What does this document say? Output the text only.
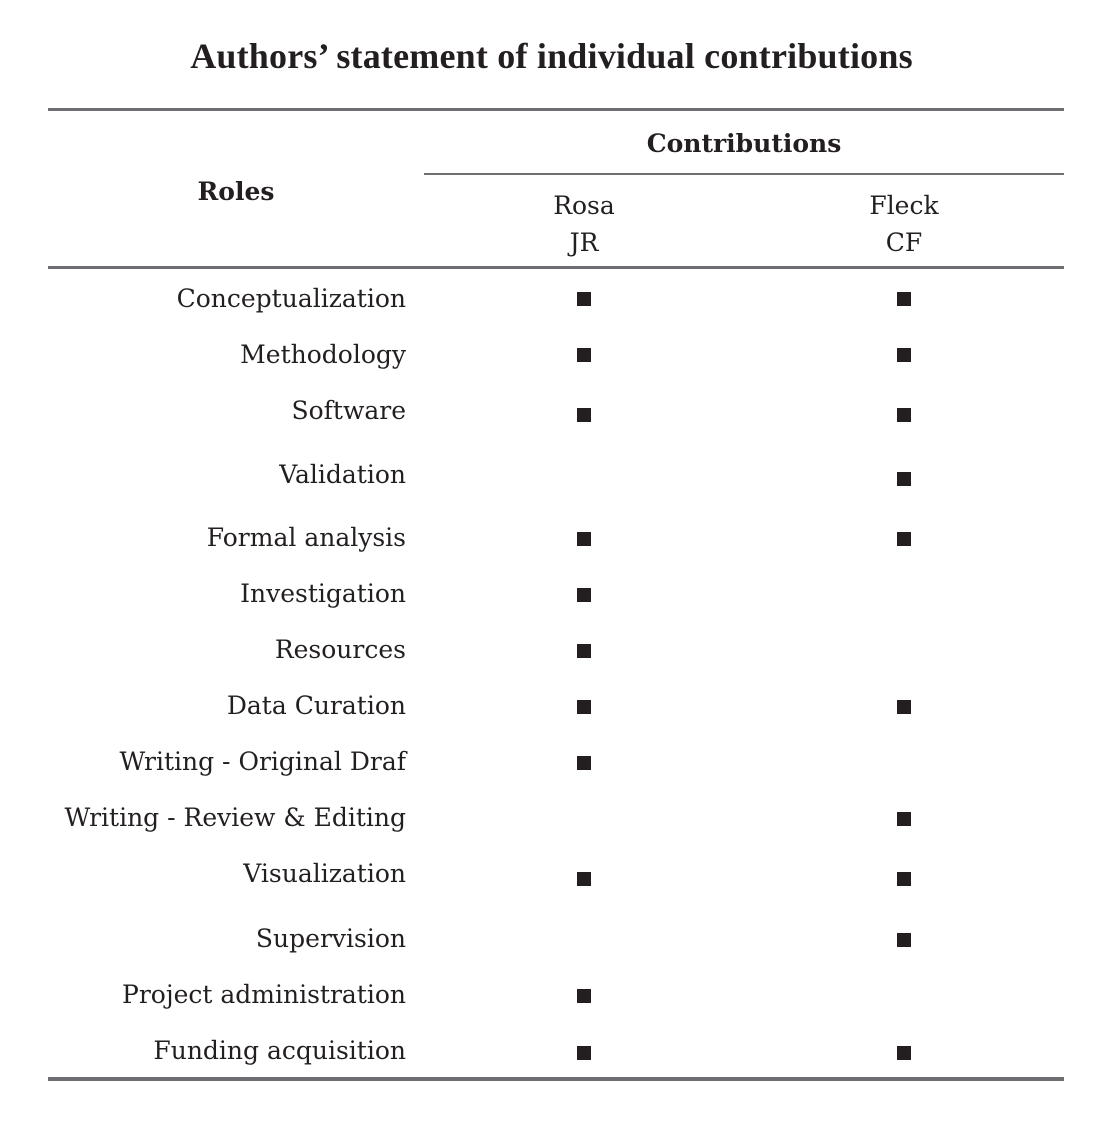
Authors’ statement of individual contributions
Roles
Contributions
Rosa
JR
Fleck
CF
Conceptualization
Methodology
Software
Validation
Formal analysis
Investigation
Resources
Data Curation
Writing - Original Draf
Writing - Review & Editing
Visualization
Supervision
Project administration
Funding acquisition
